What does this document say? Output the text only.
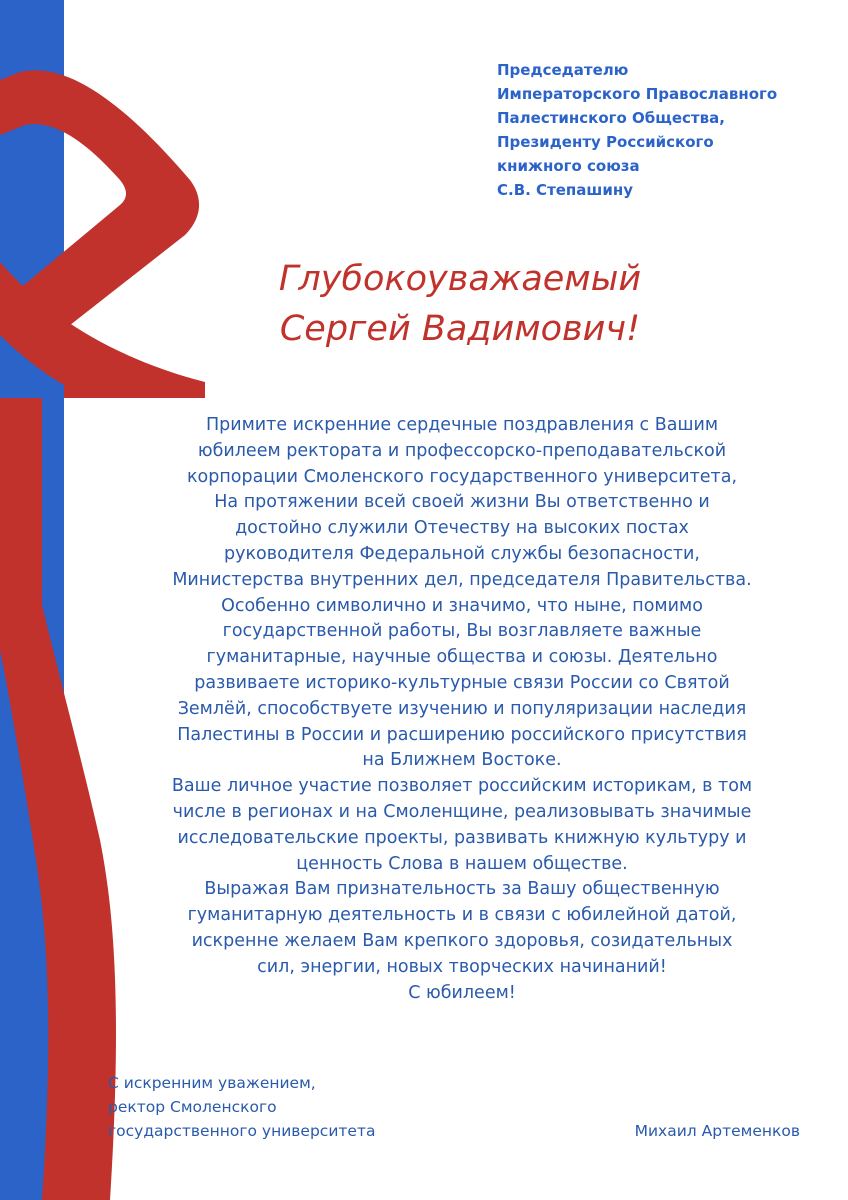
Председателю
Императорского Православного
Палестинского Общества,
Президенту Российского
книжного союза
С.В. Степашину
Глубокоуважаемый
Сергей Вадимович!
Примите искренние сердечные поздравления с Вашим
юбилеем ректората и профессорско-преподавательской
корпорации Смоленского государственного университета,
На протяжении всей своей жизни Вы ответственно и
достойно служили Отечеству на высоких постах
руководителя Федеральной службы безопасности,
Министерства внутренних дел, председателя Правительства.
Особенно символично и значимо, что ныне, помимо
государственной работы, Вы возглавляете важные
гуманитарные, научные общества и союзы. Деятельно
развиваете историко-культурные связи России со Святой
Землёй, способствуете изучению и популяризации наследия
Палестины в России и расширению российского присутствия
на Ближнем Востоке.
Ваше личное участие позволяет российским историкам, в том
числе в регионах и на Смоленщине, реализовывать значимые
исследовательские проекты, развивать книжную культуру и
ценность Слова в нашем обществе.
Выражая Вам признательность за Вашу общественную
гуманитарную деятельность и в связи с юбилейной датой,
искренне желаем Вам крепкого здоровья, созидательных
сил, энергии, новых творческих начинаний!
С юбилеем!
С искренним уважением,
ректор Смоленского
государственного университета	Михаил Артеменков
